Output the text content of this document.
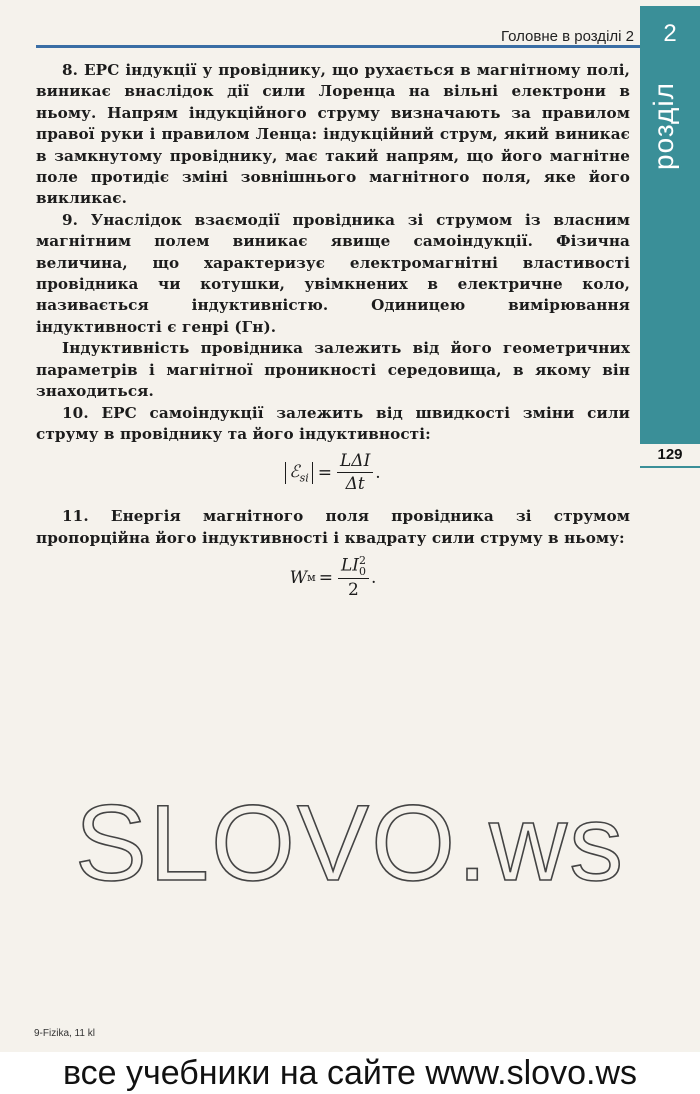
Головне в розділі 2	2
розділ
129

8. ЕРС індукції у провіднику, що рухається в магнітному полі, виникає внаслідок дії сили Лоренца на вільні електрони в ньому. Напрям індукційного струму визначають за правилом правої руки і правилом Ленца: індукційний струм, який виникає в замкнутому провіднику, має такий напрям, що його магнітне поле протидіє зміні зовнішнього магнітного поля, яке його викликає.

9. Унаслідок взаємодії провідника зі струмом із власним магнітним полем виникає явище самоіндукції. Фізична величина, що характеризує електромагнітні властивості провідника чи котушки, увімкнених в електричне коло, називається індуктивністю. Одиницею вимірювання індуктивності є генрі (Гн).

Індуктивність провідника залежить від його геометричних параметрів і магнітної проникності середовища, в якому він знаходиться.

10. ЕРС самоіндукції залежить від швидкості зміни сили струму в провіднику та його індуктивності:

ℰ$_{si}$ = $\frac{\text{LΔI}}{\Delta t}$ .

11. Енергія магнітного поля провідника зі струмом пропорційна його індуктивності і квадрату сили струму в ньому:

W м = LI 2
0
2 .
SLOVO.ws
9-Fizika, 11 kl
все учебники на сайте www.slovo.ws
